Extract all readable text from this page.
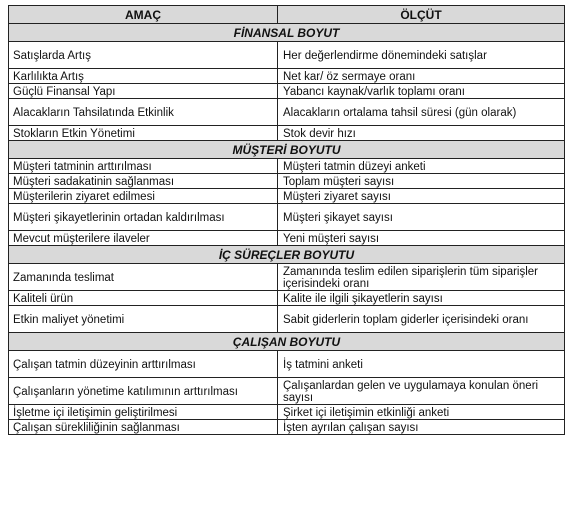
AMAÇ	ÖLÇÜT
FİNANSAL BOYUT	
Satışlarda Artış	Her değerlendirme dönemindeki satışlar
Karlılıkta Artış	Net kar/ öz sermaye oranı
Güçlü Finansal Yapı	Yabancı kaynak/varlık toplamı oranı
Alacakların Tahsilatında Etkinlik	Alacakların ortalama tahsil süresi (gün olarak)
Stokların Etkin Yönetimi	Stok devir hızı
MÜŞTERİ BOYUTU	
Müşteri tatminin arttırılması	Müşteri tatmin düzeyi anketi
Müşteri sadakatinin sağlanması	Toplam müşteri sayısı
Müşterilerin ziyaret edilmesi	Müşteri ziyaret sayısı
Müşteri şikayetlerinin ortadan kaldırılması	Müşteri şikayet sayısı
Mevcut müşterilere ilaveler	Yeni müşteri sayısı
İÇ SÜREÇLER BOYUTU	
Zamanında teslimat	Zamanında teslim edilen siparişlerin tüm siparişler içerisindeki oranı
Kaliteli ürün	Kalite ile ilgili şikayetlerin sayısı
Etkin maliyet yönetimi	Sabit giderlerin toplam giderler içerisindeki oranı
ÇALIŞAN BOYUTU	
Çalışan tatmin düzeyinin arttırılması	İş tatmini anketi
Çalışanların yönetime katılımının arttırılması	Çalışanlardan gelen ve uygulamaya konulan öneri sayısı
İşletme içi iletişimin geliştirilmesi	Şirket içi iletişimin etkinliği anketi
Çalışan sürekliliğinin sağlanması	İşten ayrılan çalışan sayısı
